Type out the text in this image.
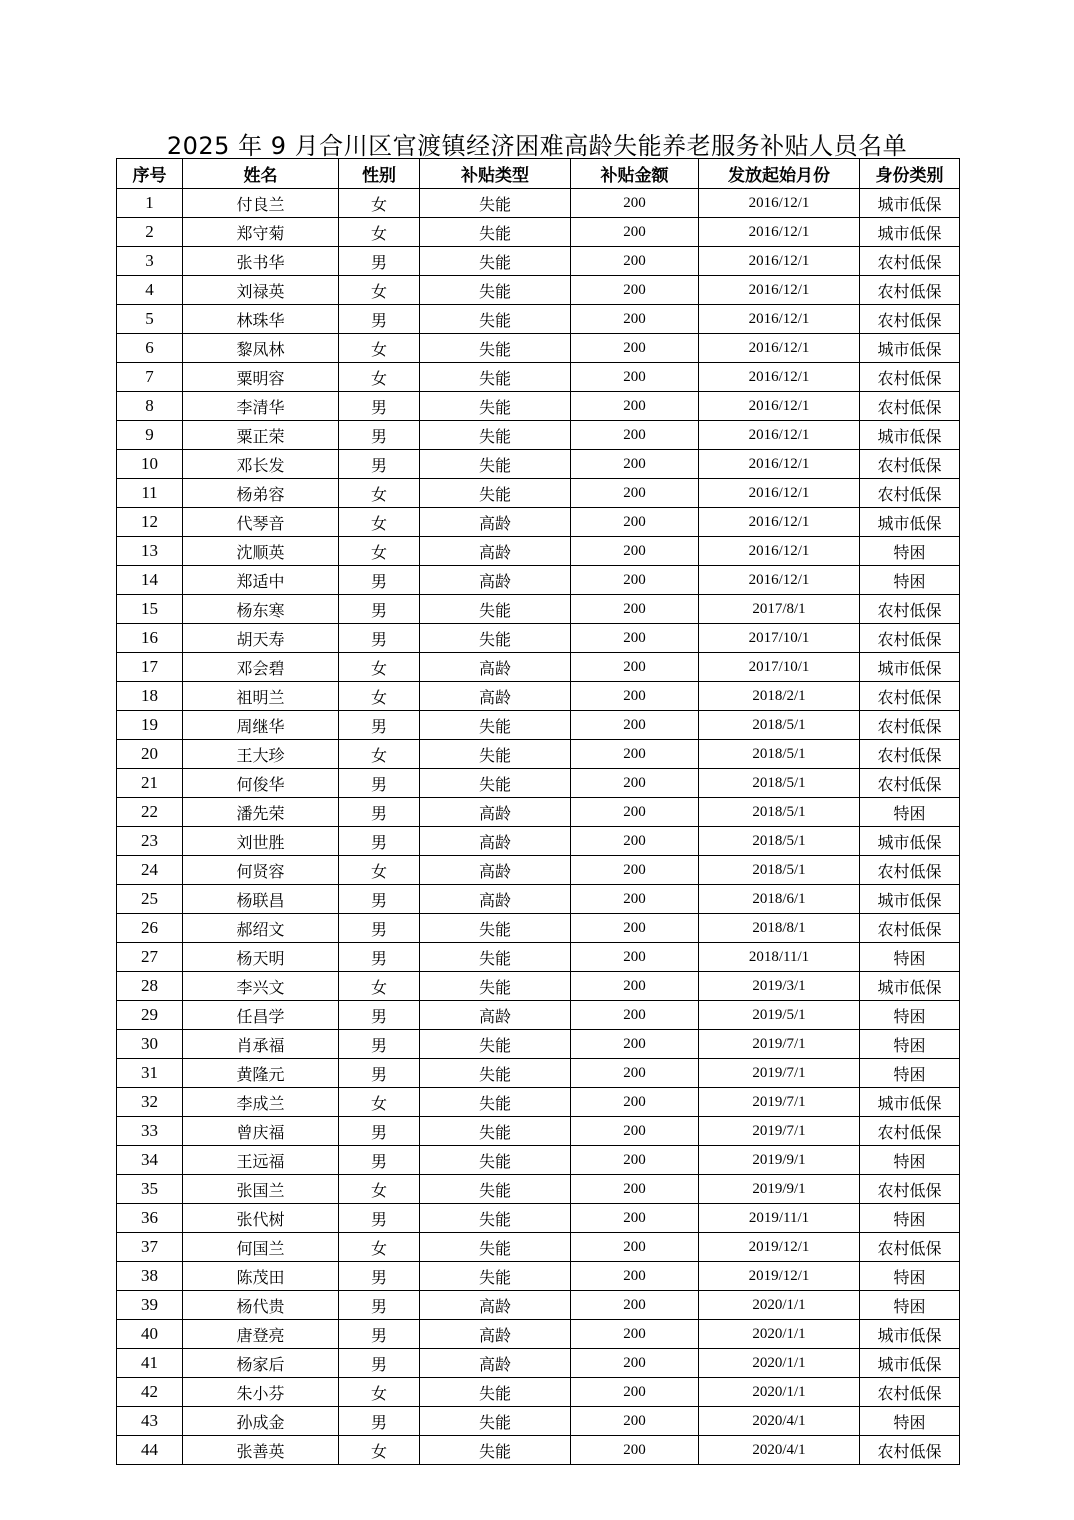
2025 年 9 月合川区官渡镇经济困难高龄失能养老服务补贴人员名单
序号	姓名	性别	补贴类型	补贴金额	发放起始月份	身份类别
1	付良兰	女	失能	200	2016/12/1	城市低保
2	郑守菊	女	失能	200	2016/12/1	城市低保
3	张书华	男	失能	200	2016/12/1	农村低保
4	刘禄英	女	失能	200	2016/12/1	农村低保
5	林珠华	男	失能	200	2016/12/1	农村低保
6	黎凤林	女	失能	200	2016/12/1	城市低保
7	粟明容	女	失能	200	2016/12/1	农村低保
8	李清华	男	失能	200	2016/12/1	农村低保
9	粟正荣	男	失能	200	2016/12/1	城市低保
10	邓长发	男	失能	200	2016/12/1	农村低保
11	杨弟容	女	失能	200	2016/12/1	农村低保
12	代琴音	女	高龄	200	2016/12/1	城市低保
13	沈顺英	女	高龄	200	2016/12/1	特困
14	郑适中	男	高龄	200	2016/12/1	特困
15	杨东寒	男	失能	200	2017/8/1	农村低保
16	胡天寿	男	失能	200	2017/10/1	农村低保
17	邓会碧	女	高龄	200	2017/10/1	城市低保
18	祖明兰	女	高龄	200	2018/2/1	农村低保
19	周继华	男	失能	200	2018/5/1	农村低保
20	王大珍	女	失能	200	2018/5/1	农村低保
21	何俊华	男	失能	200	2018/5/1	农村低保
22	潘先荣	男	高龄	200	2018/5/1	特困
23	刘世胜	男	高龄	200	2018/5/1	城市低保
24	何贤容	女	高龄	200	2018/5/1	农村低保
25	杨联昌	男	高龄	200	2018/6/1	城市低保
26	郝绍文	男	失能	200	2018/8/1	农村低保
27	杨天明	男	失能	200	2018/11/1	特困
28	李兴文	女	失能	200	2019/3/1	城市低保
29	任昌学	男	高龄	200	2019/5/1	特困
30	肖承福	男	失能	200	2019/7/1	特困
31	黄隆元	男	失能	200	2019/7/1	特困
32	李成兰	女	失能	200	2019/7/1	城市低保
33	曾庆福	男	失能	200	2019/7/1	农村低保
34	王远福	男	失能	200	2019/9/1	特困
35	张国兰	女	失能	200	2019/9/1	农村低保
36	张代树	男	失能	200	2019/11/1	特困
37	何国兰	女	失能	200	2019/12/1	农村低保
38	陈茂田	男	失能	200	2019/12/1	特困
39	杨代贵	男	高龄	200	2020/1/1	特困
40	唐登亮	男	高龄	200	2020/1/1	城市低保
41	杨家后	男	高龄	200	2020/1/1	城市低保
42	朱小芬	女	失能	200	2020/1/1	农村低保
43	孙成金	男	失能	200	2020/4/1	特困
44	张善英	女	失能	200	2020/4/1	农村低保
